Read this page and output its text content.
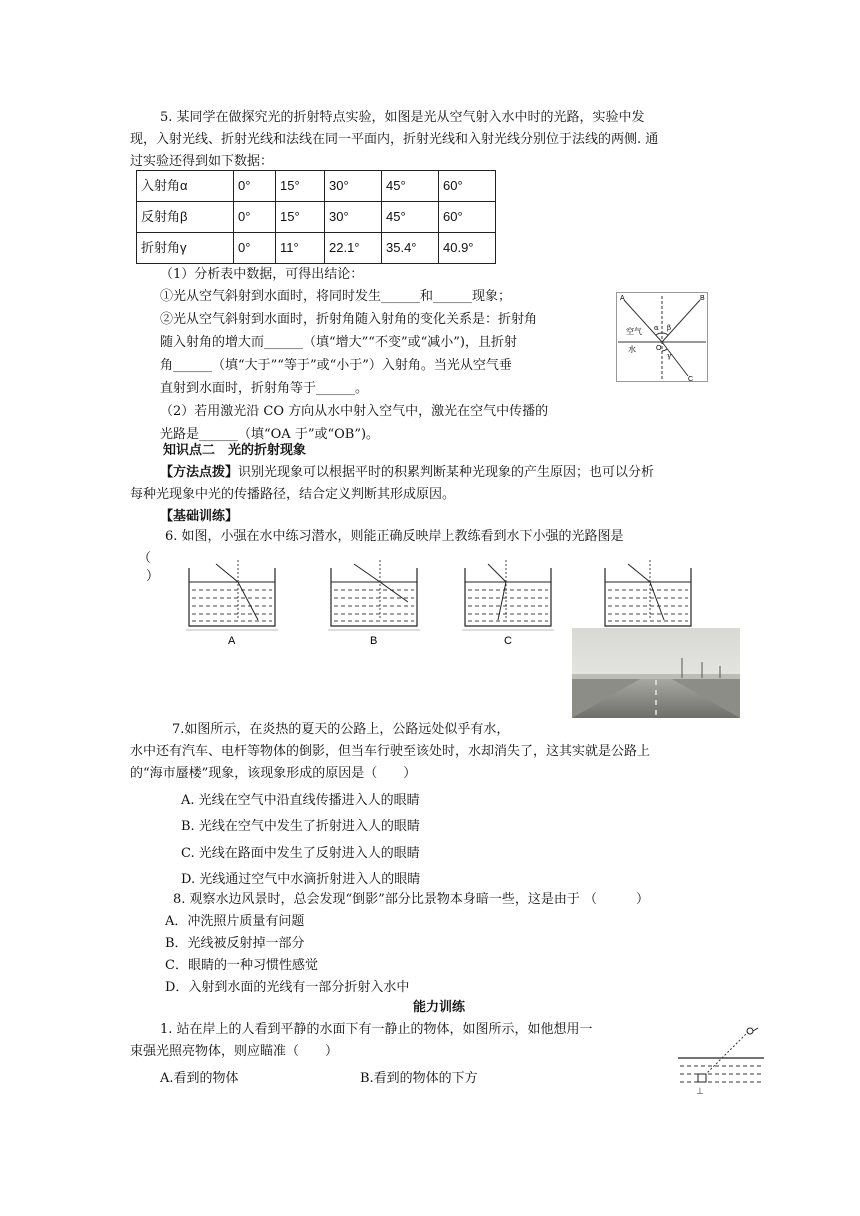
5. 某同学在做探究光的折射特点实验，如图是光从空气射入水中时的光路，实验中发
现，入射光线、折射光线和法线在同一平面内，折射光线和入射光线分别位于法线的两侧. 通
过实验还得到如下数据：
入射角α	0°	15°	30°	45°	60°
反射角β	0°	15°	30°	45°	60°
折射角γ	0°	11°	22.1°	35.4°	40.9°
（1）分析表中数据，可得出结论：
①光从空气斜射到水面时，将同时发生______和______现象；
②光从空气斜射到水面时，折射角随入射角的变化关系是：折射角
随入射角的增大而______（填“增大”“不变”或“减小”)，且折射
角______（填“大于”“等于”或“小于”）入射角。当光从空气垂
直射到水面时，折射角等于______。
（2）若用激光沿 CO 方向从水中射入空气中，激光在空气中传播的
光路是______（填“OA 于”或“OB”)。
A	B
C
O
空气
水
α β
γ
知识点二　光的折射现象
【方法点拨】识别光现象可以根据平时的积累判断某种光现象的产生原因；也可以分析
每种光现象中光的传播路径，结合定义判断其形成原因。
【基础训练】
6. 如图，小强在水中练习潜水，则能正确反映岸上教练看到水下小强的光路图是
（
）
A	B	C
7.如图所示，在炎热的夏天的公路上，公路远处似乎有水，
水中还有汽车、电杆等物体的倒影，但当车行驶至该处时，水却消失了，这其实就是公路上
的“海市蜃楼”现象，该现象形成的原因是（　　）
A. 光线在空气中沿直线传播进入人的眼睛
B. 光线在空气中发生了折射进入人的眼睛
C. 光线在路面中发生了反射进入人的眼睛
D. 光线通过空气中水滴折射进入人的眼睛
8. 观察水边风景时，总会发现“倒影”部分比景物本身暗一些，这是由于 （　　　）
A．冲洗照片质量有问题
B．光线被反射掉一部分
C．眼睛的一种习惯性感觉
D．入射到水面的光线有一部分折射入水中
能力训练
1. 站在岸上的人看到平静的水面下有一静止的物体，如图所示，如他想用一
束强光照亮物体，则应瞄准（　　）
A.看到的物体	B.看到的物体的下方
⊥
